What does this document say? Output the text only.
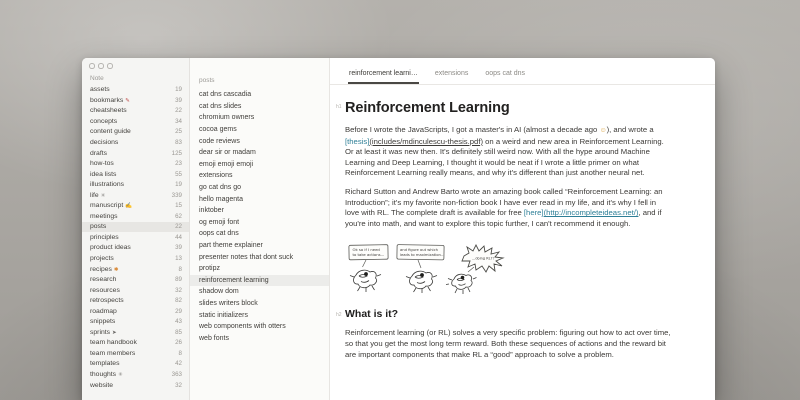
Note
assets	19
bookmarks ✎	39
cheatsheets	22
concepts	34
content guide	25
decisions	83
drafts	125
how-tos	23
idea lists	55
illustrations	19
life ✳	339
manuscript ✍	15
meetings	62
posts	22
principles	44
product ideas	39
projects	13
recipes ✱	8
research	89
resources	32
retrospects	82
roadmap	29
snippets	43
sprints ➤	85
team handbook	26
team members	8
templates	42
thoughts ✳	363
website	32
posts
cat dns cascadia
cat dns slides
chromium owners
cocoa gems
code reviews
dear sir or madam
emoji emoji emoji
extensions
go cat dns go
hello magenta
inktober
og emoji font
oops cat dns
part theme explainer
presenter notes that dont suck
protipz
reinforcement learning
shadow dom
slides writers block
static initializers
web components with otters
web fonts
reinforcement learni… extensions oops cat dns
h1 Reinforcement Learning

Before I wrote the JavaScripts, I got a master's in AI (almost a decade ago ☺), and wrote a [thesis](includes/mdinculescu-thesis.pdf) on a weird and new area in Reinforcement Learning. Or at least it was new then. It's definitely still weird now. With all the hype around Machine Learning and Deep Learning, I thought it would be neat if I wrote a little primer on what Reinforcement Learning really means, and why it's different than just another neural net.

Richard Sutton and Andrew Barto wrote an amazing book called “Reinforcement Learning: an Introduction”; it's my favorite non-fiction book I have ever read in my life, and it's why I fell in love with RL. The complete draft is available for free [here](http://incompleteideas.net/), and if you're into math, and want to explore this topic further, I can't recommend it enough.

Ok so if I need
to take actions...
and figure out which
leads to maximization...
...doing RL?!
h2 What is it?

Reinforcement learning (or RL) solves a very specific problem: figuring out how to act over time, so that you get the most long term reward. Both these sequences of actions and the reward bit are important components that make RL a “good” approach to solve a problem.
